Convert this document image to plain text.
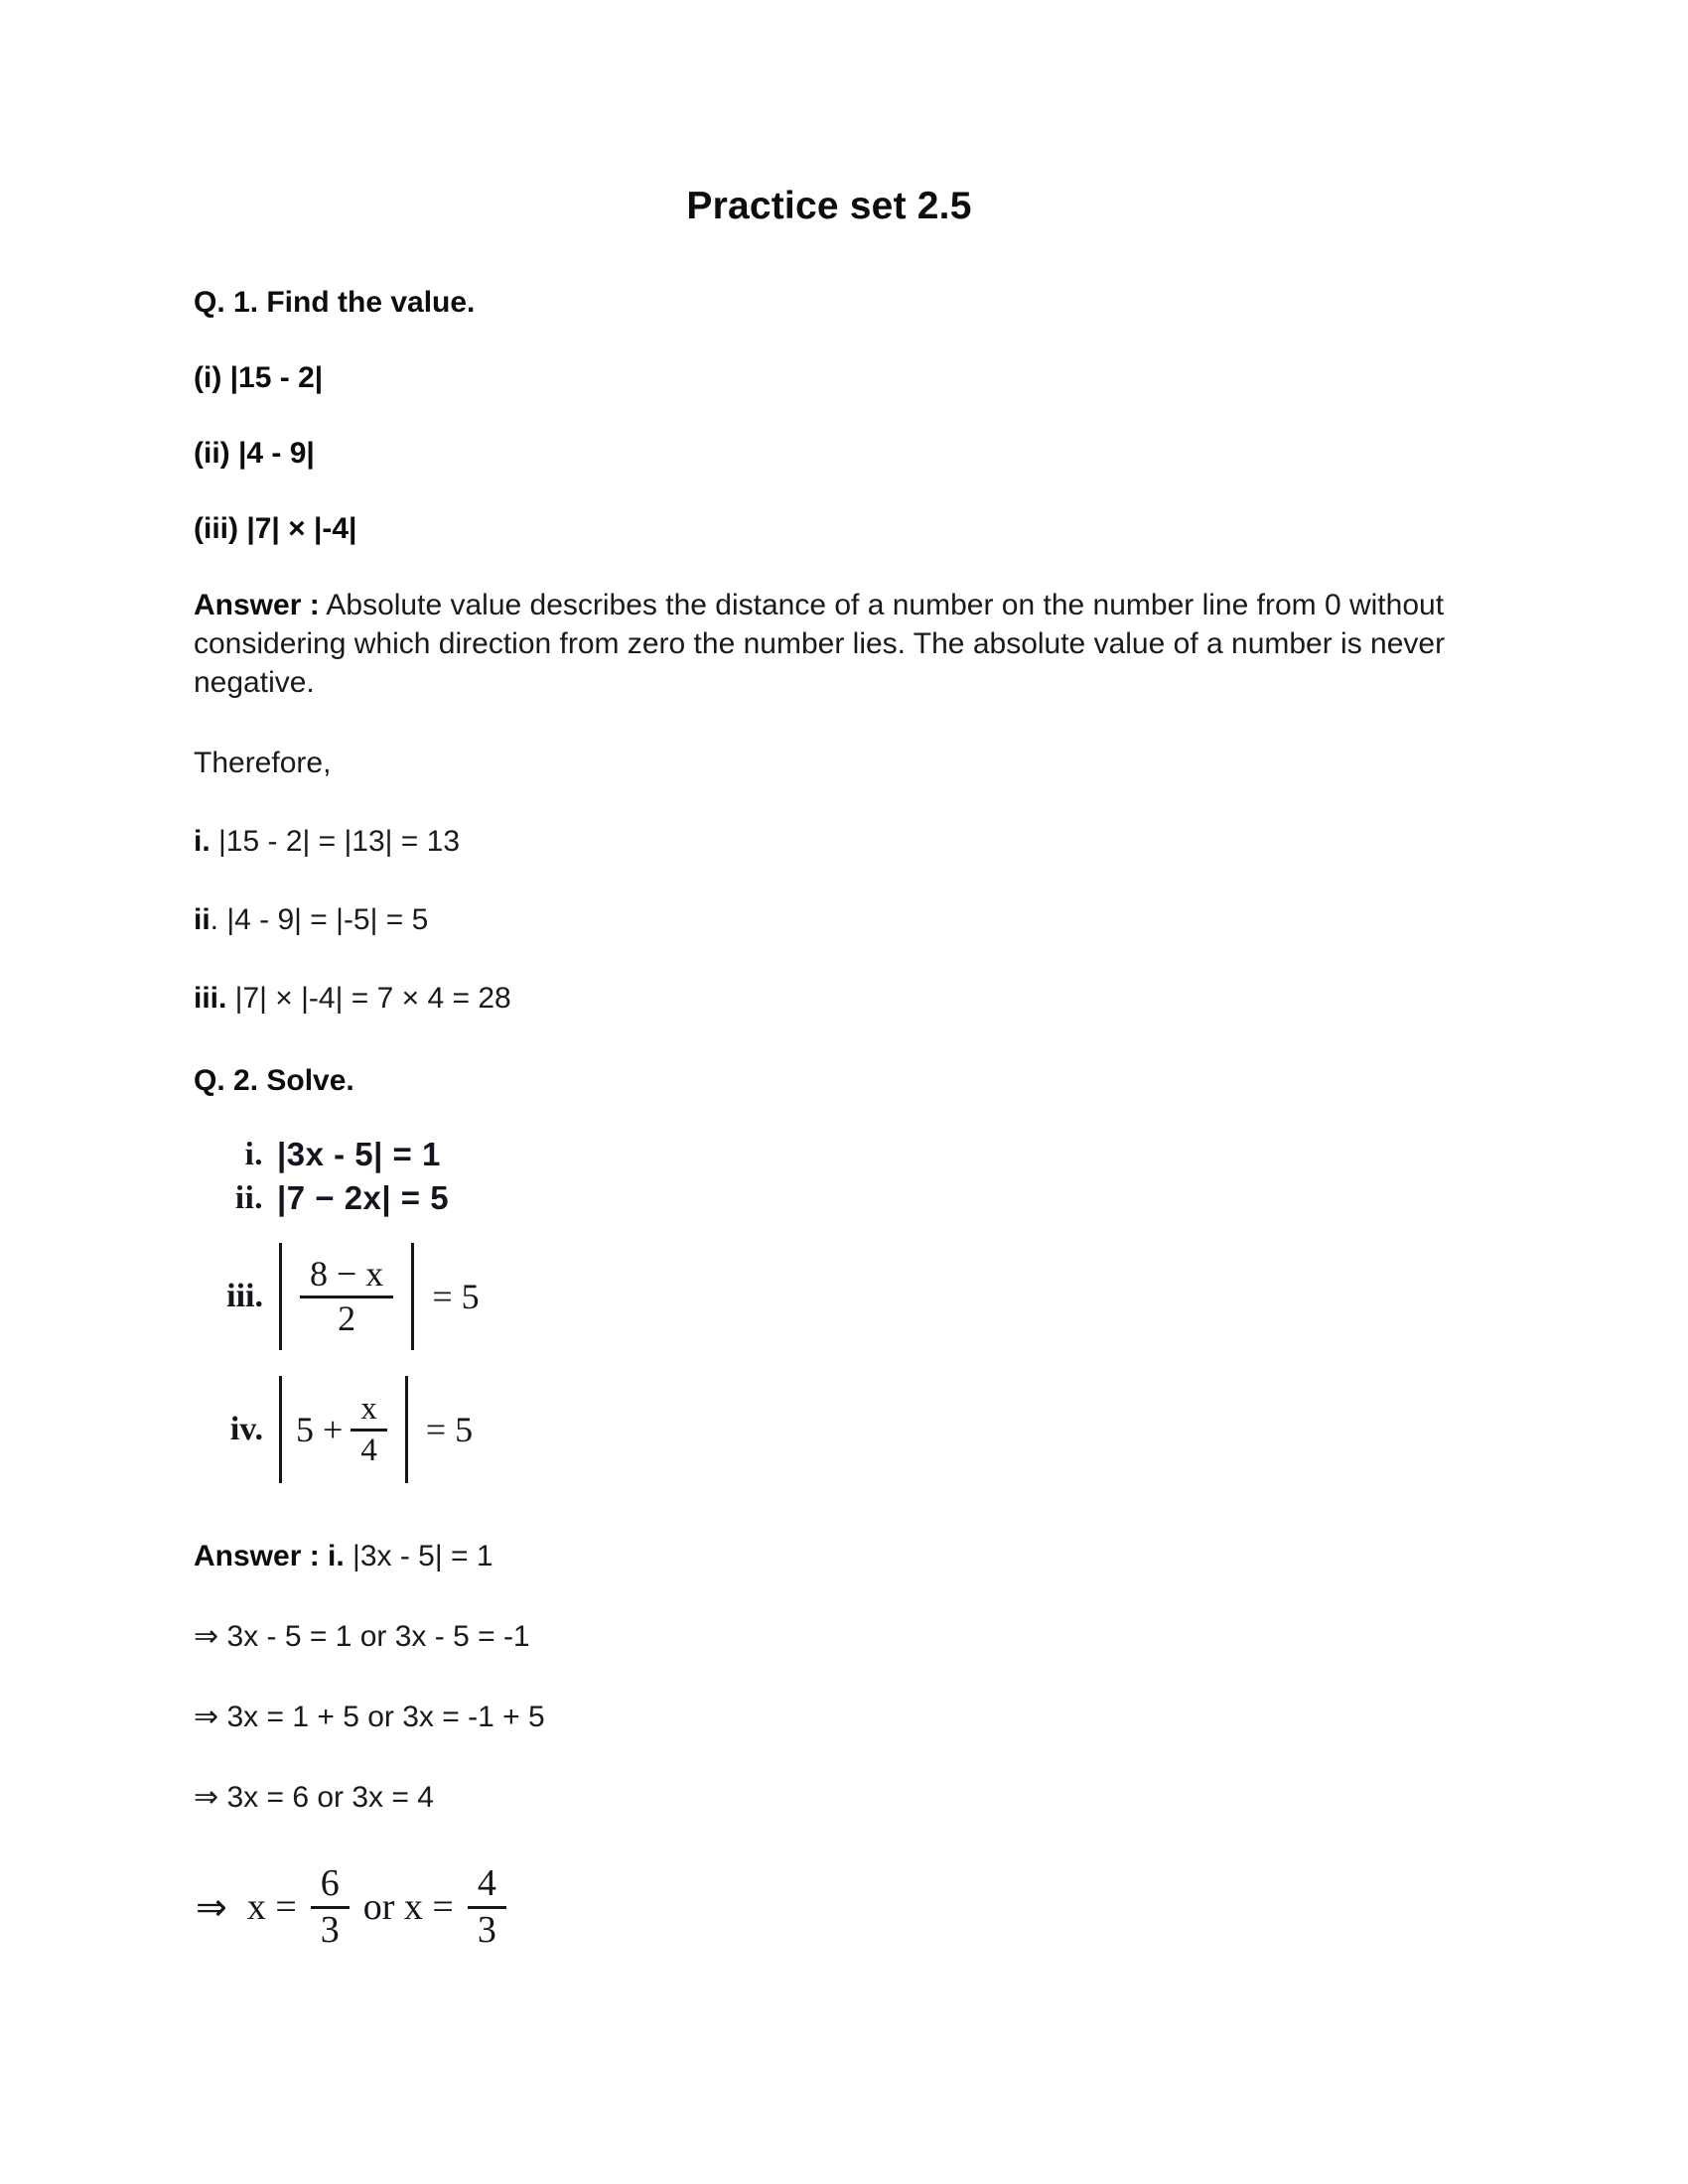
Practice set 2.5

Q. 1. Find the value.

(i) |15 - 2|

(ii) |4 - 9|

(iii) |7| × |-4|

Answer : Absolute value describes the distance of a number on the number line from 0 without considering which direction from zero the number lies. The absolute value of a number is never negative.

Therefore,

i. |15 - 2| = |13| = 13

ii. |4 - 9| = |-5| = 5

iii. |7| × |-4| = 7 × 4 = 28

Q. 2. Solve.

i. |3x - 5| = 1
ii. |7 − 2x| = 5
iii.	$\frac{8 - x}{2}$	= 5
iv. $5 + \frac{x}{4}$	= 5

Answer : i. |3x - 5| = 1

⇒ 3x - 5 = 1 or 3x - 5 = -1

⇒ 3x = 1 + 5 or 3x = -1 + 5

⇒ 3x = 6 or 3x = 4

⇒ $x = \frac{6}{3}$ or $x = \frac{4}{3}$
